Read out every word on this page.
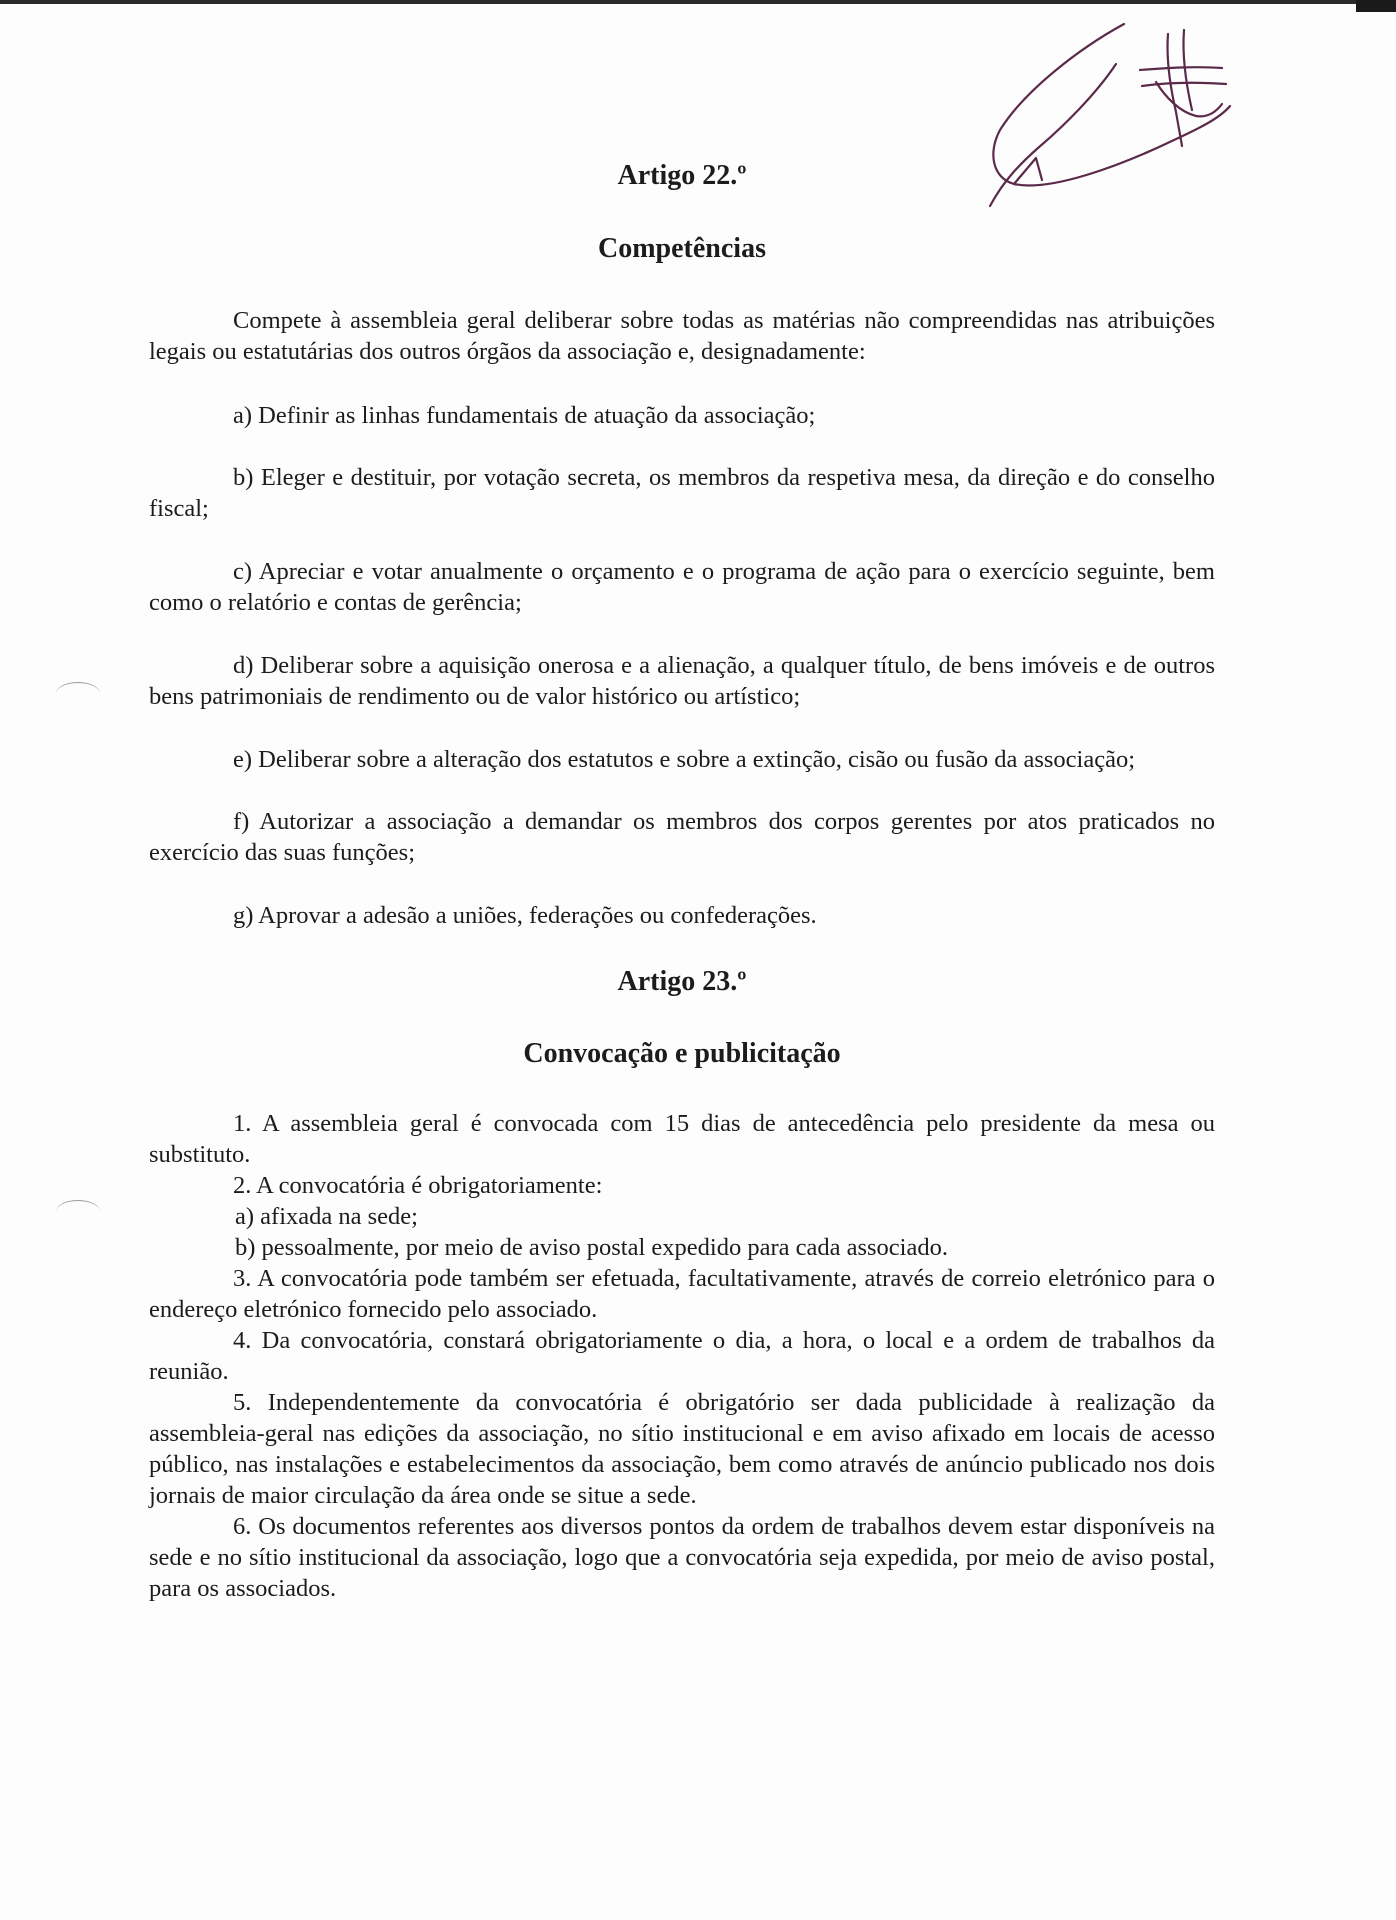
Artigo 22.º
Competências

Compete à assembleia geral deliberar sobre todas as matérias não compreendidas nas atribuições legais ou estatutárias dos outros órgãos da associação e, designadamente:

a) Definir as linhas fundamentais de atuação da associação;

b) Eleger e destituir, por votação secreta, os membros da respetiva mesa, da direção e do conselho fiscal;

c) Apreciar e votar anualmente o orçamento e o programa de ação para o exercício seguinte, bem como o relatório e contas de gerência;

d) Deliberar sobre a aquisição onerosa e a alienação, a qualquer título, de bens imóveis e de outros bens patrimoniais de rendimento ou de valor histórico ou artístico;

e) Deliberar sobre a alteração dos estatutos e sobre a extinção, cisão ou fusão da associação;

f) Autorizar a associação a demandar os membros dos corpos gerentes por atos praticados no exercício das suas funções;

g) Aprovar a adesão a uniões, federações ou confederações.

Artigo 23.º
Convocação e publicitação

1. A assembleia geral é convocada com 15 dias de antecedência pelo presidente da mesa ou substituto.

2. A convocatória é obrigatoriamente:

a) afixada na sede;

b) pessoalmente, por meio de aviso postal expedido para cada associado.

3. A convocatória pode também ser efetuada, facultativamente, através de correio eletrónico para o endereço eletrónico fornecido pelo associado.

4. Da convocatória, constará obrigatoriamente o dia, a hora, o local e a ordem de trabalhos da reunião.

5. Independentemente da convocatória é obrigatório ser dada publicidade à realização da assembleia-geral nas edições da associação, no sítio institucional e em aviso afixado em locais de acesso público, nas instalações e estabelecimentos da associação, bem como através de anúncio publicado nos dois jornais de maior circulação da área onde se situe a sede.

6. Os documentos referentes aos diversos pontos da ordem de trabalhos devem estar disponíveis na sede e no sítio institucional da associação, logo que a convocatória seja expedida, por meio de aviso postal, para os associados.
